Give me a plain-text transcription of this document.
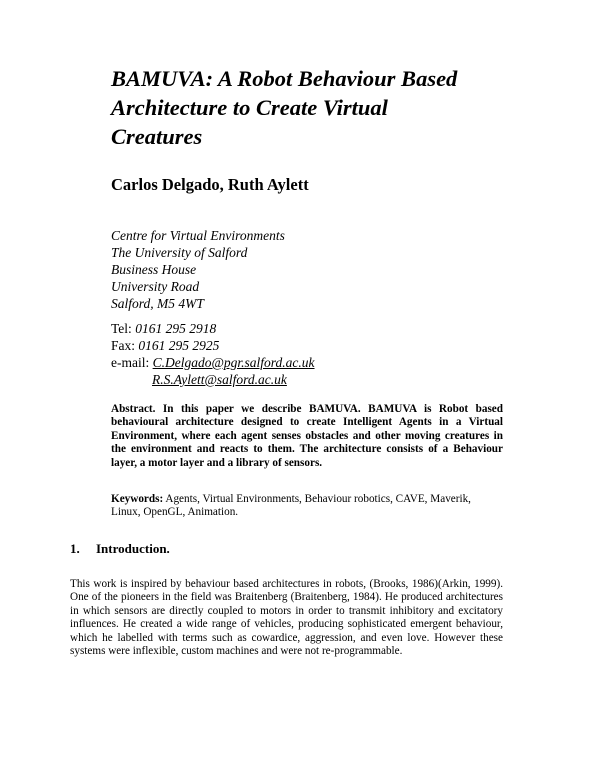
BAMUVA: A Robot Behaviour Based
Architecture to Create Virtual
Creatures

Carlos Delgado, Ruth Aylett

Centre for Virtual Environments
The University of Salford
Business House
University Road
Salford, M5 4WT
Tel: 0161 295 2918
Fax: 0161 295 2925
e-mail: C.Delgado@pgr.salford.ac.uk
R.S.Aylett@salford.ac.uk

Abstract. In this paper we describe BAMUVA. BAMUVA is Robot based behavioural architecture designed to create Intelligent Agents in a Virtual Environment, where each agent senses obstacles and other moving creatures in the environment and reacts to them. The architecture consists of a Behaviour layer, a motor layer and a library of sensors.

Keywords: Agents, Virtual Environments, Behaviour robotics, CAVE, Maverik, Linux, OpenGL, Animation.

1. Introduction.

This work is inspired by behaviour based architectures in robots, (Brooks, 1986)(Arkin, 1999). One of the pioneers in the field was Braitenberg (Braitenberg, 1984). He produced architectures in which sensors are directly coupled to motors in order to transmit inhibitory and excitatory influences. He created a wide range of vehicles, producing sophisticated emergent behaviour, which he labelled with terms such as cowardice, aggression, and even love. However these systems were inflexible, custom machines and were not re-programmable.
